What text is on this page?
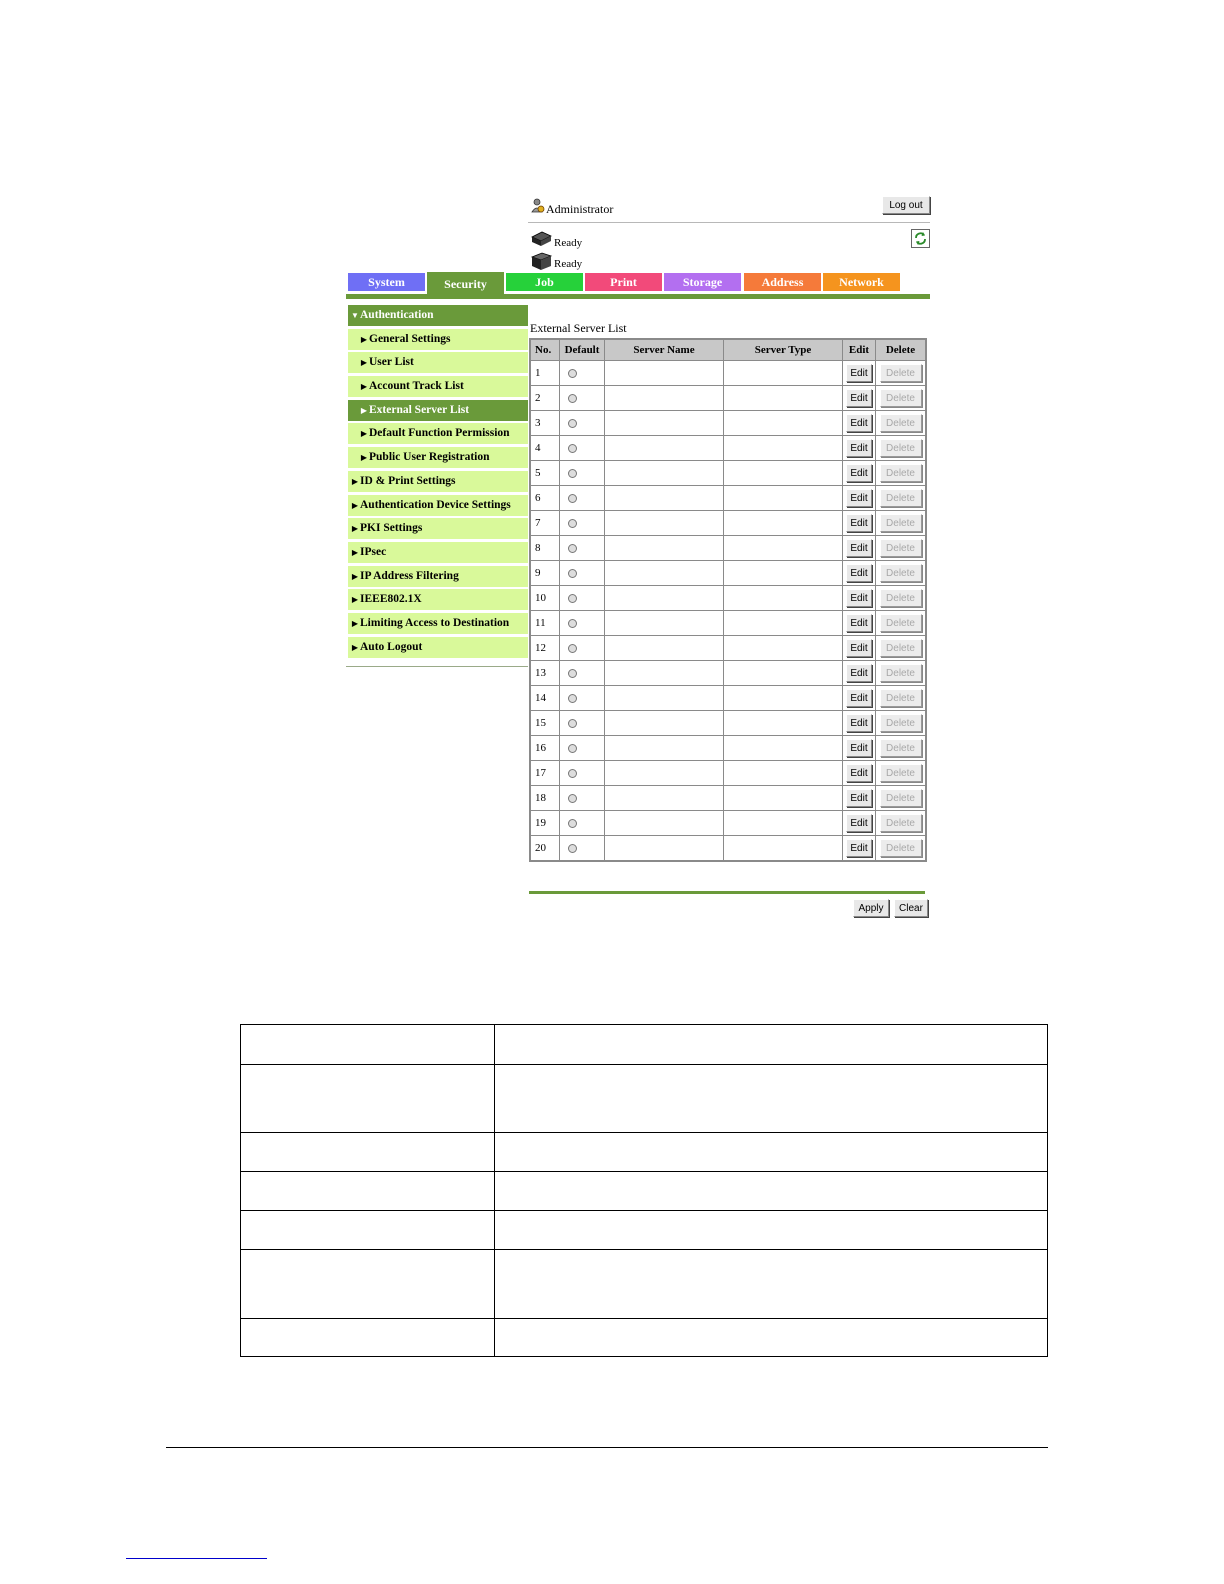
Administrator	Log out
Ready
Ready
System	Security	Job	Print	Storage	Address	Network
▼Authentication
▶ General Settings
▶ User List
▶ Account Track List
▶ External Server List
▶ Default Function Permission
▶ Public User Registration
▶ ID & Print Settings
▶ Authentication Device Settings
▶ PKI Settings
▶ IPsec
▶ IP Address Filtering
▶ IEEE802.1X
▶ Limiting Access to Destination
▶ Auto Logout
External Server List
No.	Default	Server Name	Server Type	Edit	Delete
1				Edit	Delete
2				Edit	Delete
3				Edit	Delete
4				Edit	Delete
5				Edit	Delete
6				Edit	Delete
7				Edit	Delete
8				Edit	Delete
9				Edit	Delete
10				Edit	Delete
11				Edit	Delete
12				Edit	Delete
13				Edit	Delete
14				Edit	Delete
15				Edit	Delete
16				Edit	Delete
17				Edit	Delete
18				Edit	Delete
19				Edit	Delete
20				Edit	Delete
Apply	Clear
